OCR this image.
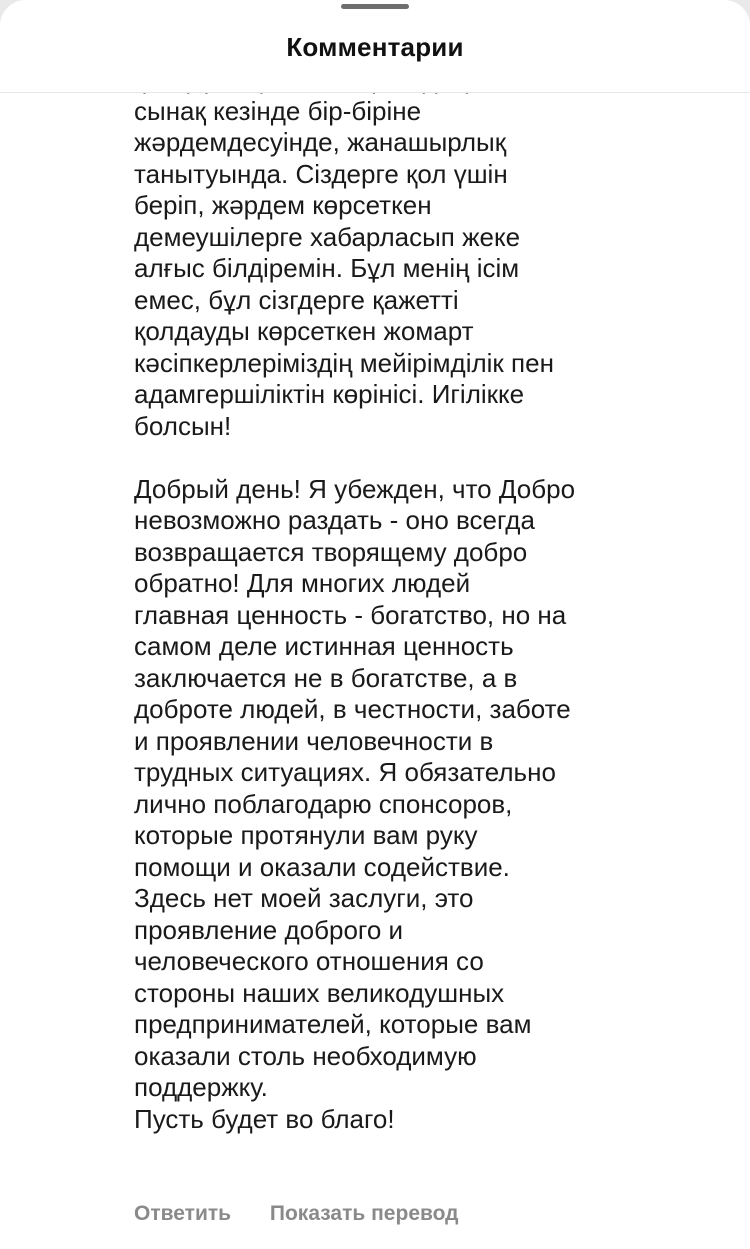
Комментарии

сынақ кезінде бір-біріне
жәрдемдесуінде, жанашырлық
танытуында. Сіздерге қол үшін
беріп, жәрдем көрсеткен
демеушілерге хабарласып жеке
алғыс білдіремін. Бұл менің ісім
емес, бұл сізгдерге қажетті
қолдауды көрсеткен жомарт
кәсіпкерлеріміздің мейірімділік пен
адамгершіліктін көрінісі. Игілікке
болсын!

Добрый день! Я убежден, что Добро
невозможно раздать - оно всегда
возвращается творящему добро
обратно! Для многих людей
главная ценность - богатство, но на
самом деле истинная ценность
заключается не в богатстве, а в
доброте людей, в честности, заботе
и проявлении человечности в
трудных ситуациях. Я обязательно
лично поблагодарю спонсоров,
которые протянули вам руку
помощи и оказали содействие.
Здесь нет моей заслуги, это
проявление доброго и
человеческого отношения со
стороны наших великодушных
предпринимателей, которые вам
оказали столь необходимую
поддержку.
Пусть будет во благо!

Ответить Показать перевод
